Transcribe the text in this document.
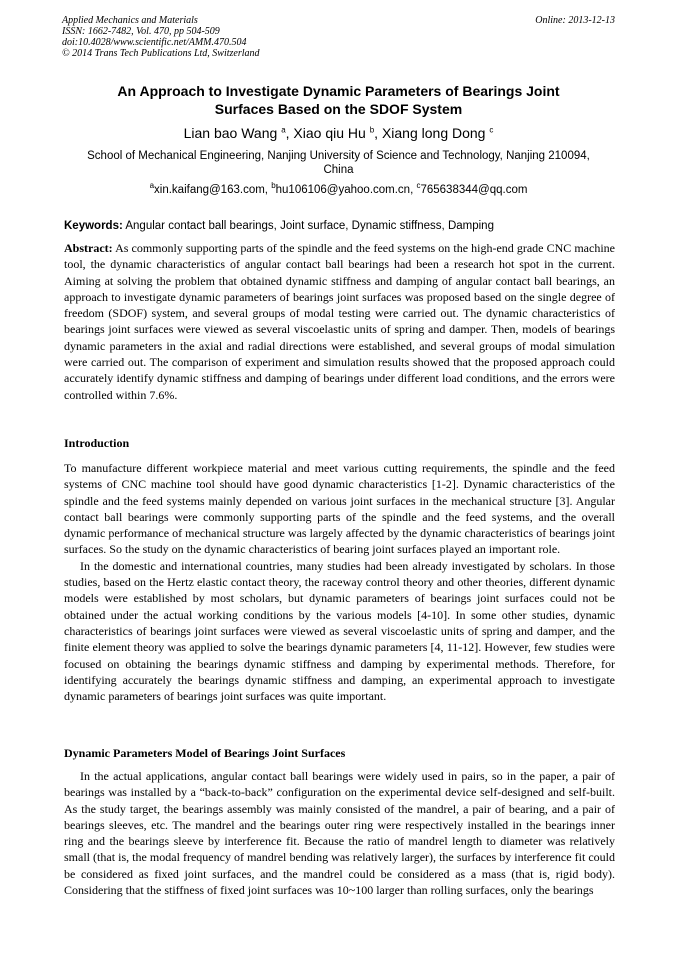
Applied Mechanics and Materials	Online: 2013-12-13
ISSN: 1662-7482, Vol. 470, pp 504-509
doi:10.4028/www.scientific.net/AMM.470.504
© 2014 Trans Tech Publications Ltd, Switzerland
An Approach to Investigate Dynamic Parameters of Bearings Joint
Surfaces Based on the SDOF System
Lian bao Wang $^a$, Xiao qiu Hu $^b$, Xiang long Dong $^c$
School of Mechanical Engineering, Nanjing University of Science and Technology, Nanjing 210094,
China
$^a$xin.kaifang@163.com, $^b$hu106106@yahoo.com.cn, $^c$765638344@qq.com
Keywords: Angular contact ball bearings, Joint surface, Dynamic stiffness, Damping
Abstract: As commonly supporting parts of the spindle and the feed systems on the high-end grade CNC machine tool, the dynamic characteristics of angular contact ball bearings had been a research hot spot in the current. Aiming at solving the problem that obtained dynamic stiffness and damping of angular contact ball bearings, an approach to investigate dynamic parameters of bearings joint surfaces was proposed based on the single degree of freedom (SDOF) system, and several groups of modal testing were carried out. The dynamic characteristics of bearings joint surfaces were viewed as several viscoelastic units of spring and damper. Then, models of bearings dynamic parameters in the axial and radial directions were established, and several groups of modal simulation were carried out. The comparison of experiment and simulation results showed that the proposed approach could accurately identify dynamic stiffness and damping of bearings under different load conditions, and the errors were controlled within 7.6%.
Introduction

To manufacture different workpiece material and meet various cutting requirements, the spindle and the feed systems of CNC machine tool should have good dynamic characteristics [1-2]. Dynamic characteristics of the spindle and the feed systems mainly depended on various joint surfaces in the mechanical structure [3]. Angular contact ball bearings were commonly supporting parts of the spindle and the feed systems, and the overall dynamic performance of mechanical structure was largely affected by the dynamic characteristics of bearings joint surfaces. So the study on the dynamic characteristics of bearing joint surfaces played an important role.

In the domestic and international countries, many studies had been already investigated by scholars. In those studies, based on the Hertz elastic contact theory, the raceway control theory and other theories, different dynamic models were established by most scholars, but dynamic parameters of bearings joint surfaces could not be obtained under the actual working conditions by the various models [4-10]. In some other studies, dynamic characteristics of bearings joint surfaces were viewed as several viscoelastic units of spring and damper, and the finite element theory was applied to solve the bearings dynamic parameters [4, 11-12]. However, few studies were focused on obtaining the bearings dynamic stiffness and damping by experimental methods. Therefore, for identifying accurately the bearings dynamic stiffness and damping, an experimental approach to investigate dynamic parameters of bearings joint surfaces was quite important.

Dynamic Parameters Model of Bearings Joint Surfaces

In the actual applications, angular contact ball bearings were widely used in pairs, so in the paper, a pair of bearings was installed by a “back-to-back” configuration on the experimental device self-designed and self-built. As the study target, the bearings assembly was mainly consisted of the mandrel, a pair of bearing, and a pair of bearings sleeves, etc. The mandrel and the bearings outer ring were respectively installed in the bearings inner ring and the bearings sleeve by interference fit. Because the ratio of mandrel length to diameter was relatively small (that is, the modal frequency of mandrel bending was relatively larger), the surfaces by interference fit could be considered as fixed joint surfaces, and the mandrel could be considered as a mass (that is, rigid body). Considering that the stiffness of fixed joint surfaces was 10~100 larger than rolling surfaces, only the bearings
